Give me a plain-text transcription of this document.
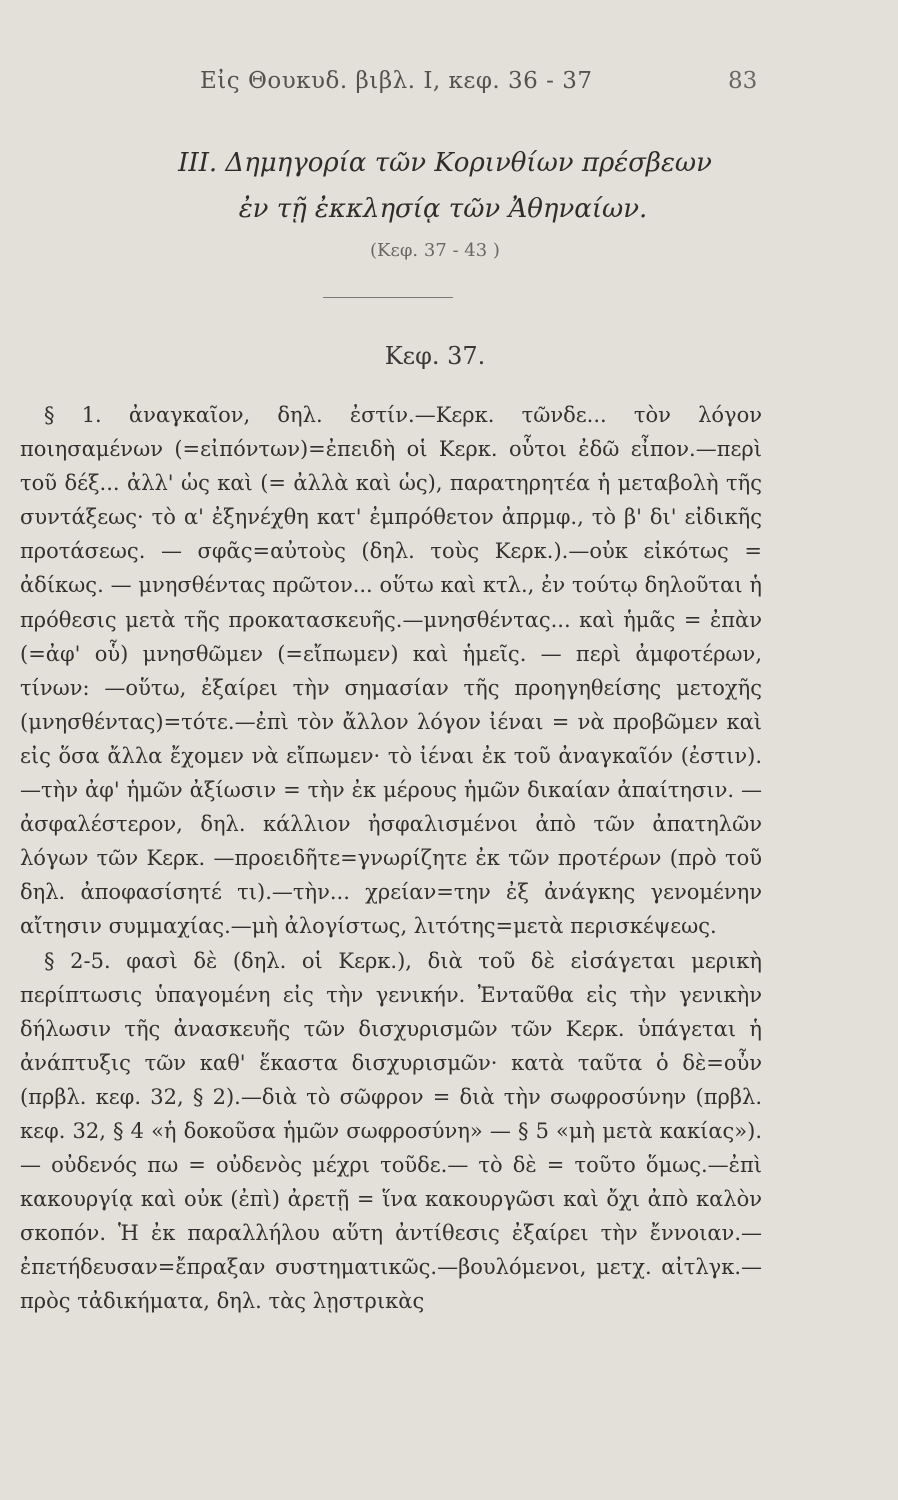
Εἰς Θουκυδ. βιβλ. I, κεφ. 36 - 37	83
III. Δημηγορία τῶν Κορινθίων πρέσβεων
ἐν τῇ ἐκκλησίᾳ τῶν Ἀθηναίων.
(Κεφ. 37 - 43 )
Κεφ. 37.

§ 1. ἀναγκαῖον, δηλ. ἐστίν.—Κερκ. τῶνδε... τὸν λόγον ποιησαμένων (=εἰπόντων)=ἐπειδὴ οἱ Κερκ. οὗτοι ἐδῶ εἶπον.—περὶ τοῦ δέξ... ἀλλ' ὡς καὶ (= ἀλλὰ καὶ ὡς), παρατηρητέα ἡ μεταβολὴ τῆς συντάξεως· τὸ α' ἐξηνέχθη κατ' ἐμπρόθετον ἀπρμφ., τὸ β' δι' εἰδικῆς προτάσεως. — σφᾶς=αὐτοὺς (δηλ. τοὺς Κερκ.).—οὐκ εἰκότως = ἀδίκως. — μνησθέντας πρῶτον... οὕτω καὶ κτλ., ἐν τούτῳ δηλοῦται ἡ πρόθεσις μετὰ τῆς προκατασκευῆς.—μνησθέντας... καὶ ἡμᾶς = ἐπὰν (=ἀφ' οὗ) μνησθῶμεν (=εἴπωμεν) καὶ ἡμεῖς. — περὶ ἀμφοτέρων, τίνων: —οὕτω, ἐξαίρει τὴν σημασίαν τῆς προηγηθείσης μετοχῆς (μνησθέντας)=τότε.—ἐπὶ τὸν ἄλλον λόγον ἰέναι = νὰ προβῶμεν καὶ εἰς ὅσα ἄλλα ἔχομεν νὰ εἴπωμεν· τὸ ἰέναι ἐκ τοῦ ἀναγκαῖόν (ἐστιν).—τὴν ἀφ' ἡμῶν ἀξίωσιν = τὴν ἐκ μέρους ἡμῶν δικαίαν ἀπαίτησιν. — ἀσφαλέστερον, δηλ. κάλλιον ἠσφαλισμένοι ἀπὸ τῶν ἀπατηλῶν λόγων τῶν Κερκ. —προειδῆτε=γνωρίζητε ἐκ τῶν προτέρων (πρὸ τοῦ δηλ. ἀποφασίσητέ τι).—τὴν... χρείαν=την ἐξ ἀνάγκης γενομένην αἴτησιν συμμαχίας.—μὴ ἀλογίστως, λιτότης=μετὰ περισκέψεως.

§ 2-5. φασὶ δὲ (δηλ. οἱ Κερκ.), διὰ τοῦ δὲ εἰσάγεται μερικὴ περίπτωσις ὑπαγομένη εἰς τὴν γενικήν. Ἐνταῦθα εἰς τὴν γενικὴν δήλωσιν τῆς ἀνασκευῆς τῶν δισχυρισμῶν τῶν Κερκ. ὑπάγεται ἡ ἀνάπτυξις τῶν καθ' ἕκαστα δισχυρισμῶν· κατὰ ταῦτα ὁ δὲ=οὖν (πρβλ. κεφ. 32, § 2).—διὰ τὸ σῶφρον = διὰ τὴν σωφροσύνην (πρβλ. κεφ. 32, § 4 «ἡ δοκοῦσα ἡμῶν σωφροσύνη» — § 5 «μὴ μετὰ κακίας»). — οὐδενός πω = οὐδενὸς μέχρι τοῦδε.— τὸ δὲ = τοῦτο ὅμως.—ἐπὶ κακουργίᾳ καὶ οὐκ (ἐπὶ) ἀρετῇ = ἵνα κακουργῶσι καὶ ὄχι ἀπὸ καλὸν σκοπόν. Ἡ ἐκ παραλλήλου αὕτη ἀντίθεσις ἐξαίρει τὴν ἔννοιαν.—ἐπετήδευσαν=ἔπραξαν συστηματικῶς.—βουλόμενοι, μετχ. αἰτλγκ.—πρὸς τἀδικήματα, δηλ. τὰς λῃστρικὰς
